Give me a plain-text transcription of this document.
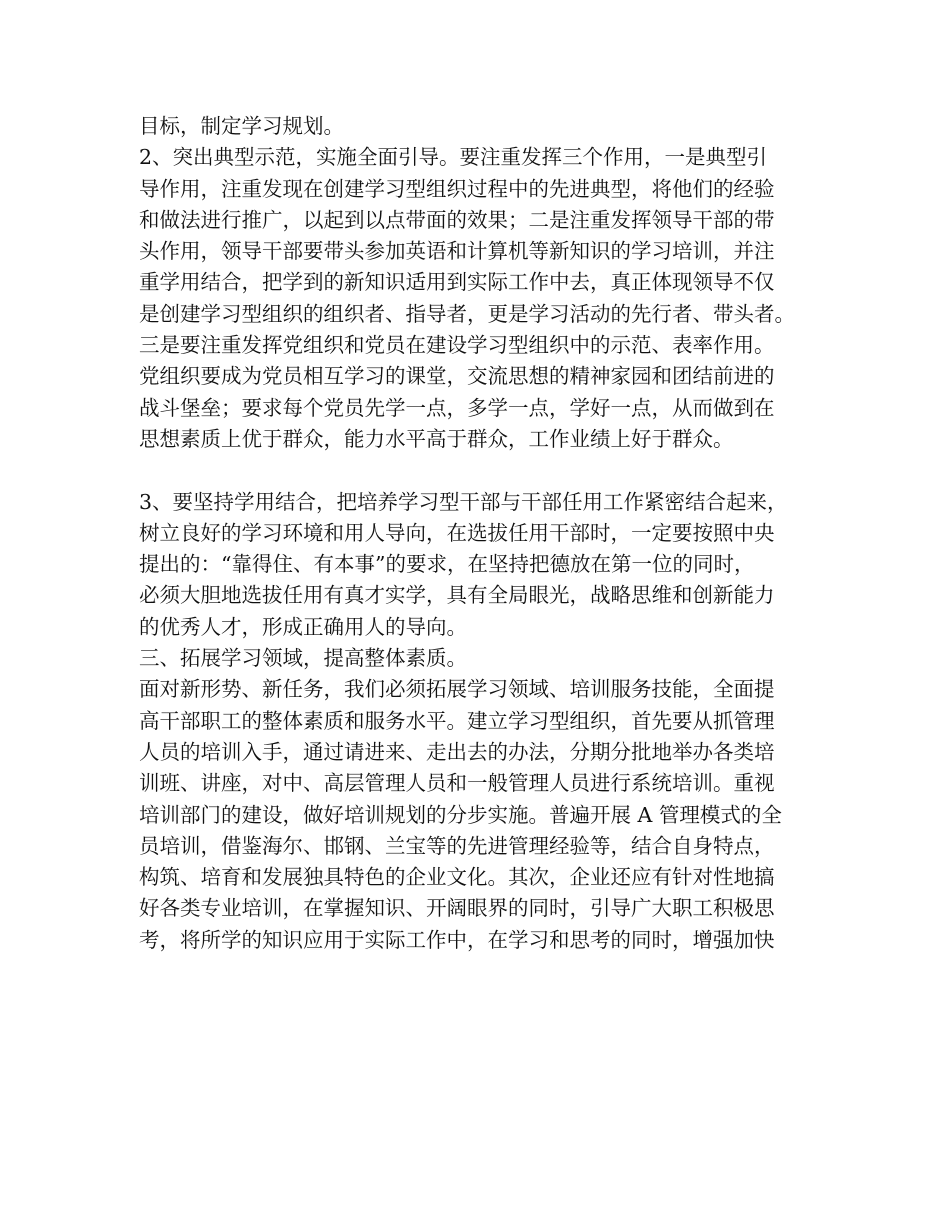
目标，制定学习规划。
2、突出典型示范，实施全面引导。要注重发挥三个作用，一是典型引
导作用，注重发现在创建学习型组织过程中的先进典型，将他们的经验
和做法进行推广，以起到以点带面的效果；二是注重发挥领导干部的带
头作用，领导干部要带头参加英语和计算机等新知识的学习培训，并注
重学用结合，把学到的新知识适用到实际工作中去，真正体现领导不仅
是创建学习型组织的组织者、指导者，更是学习活动的先行者、带头者。
三是要注重发挥党组织和党员在建设学习型组织中的示范、表率作用。
党组织要成为党员相互学习的课堂，交流思想的精神家园和团结前进的
战斗堡垒；要求每个党员先学一点，多学一点，学好一点，从而做到在
思想素质上优于群众，能力水平高于群众，工作业绩上好于群众。
3、要坚持学用结合，把培养学习型干部与干部任用工作紧密结合起来，
树立良好的学习环境和用人导向，在选拔任用干部时，一定要按照中央
提出的：“靠得住、有本事”的要求，在坚持把德放在第一位的同时，
必须大胆地选拔任用有真才实学，具有全局眼光，战略思维和创新能力
的优秀人才，形成正确用人的导向。
三、拓展学习领域，提高整体素质。
面对新形势、新任务，我们必须拓展学习领域、培训服务技能，全面提
高干部职工的整体素质和服务水平。建立学习型组织，首先要从抓管理
人员的培训入手，通过请进来、走出去的办法，分期分批地举办各类培
训班、讲座，对中、高层管理人员和一般管理人员进行系统培训。重视
培训部门的建设，做好培训规划的分步实施。普遍开展 A 管理模式的全
员培训，借鉴海尔、邯钢、兰宝等的先进管理经验等，结合自身特点，
构筑、培育和发展独具特色的企业文化。其次，企业还应有针对性地搞
好各类专业培训，在掌握知识、开阔眼界的同时，引导广大职工积极思
考，将所学的知识应用于实际工作中，在学习和思考的同时，增强加快
